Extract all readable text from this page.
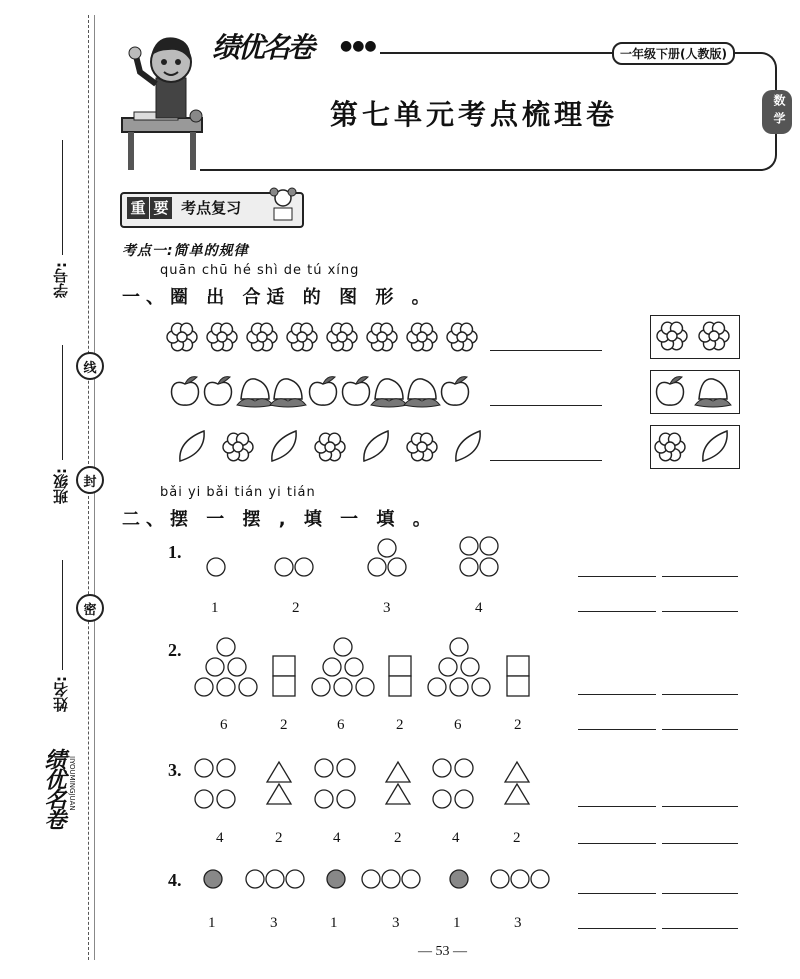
学号:
班级:
姓名:
线
封
密
绩优名卷 JIYOUMINGJUAN
绩优名卷 ●●●	一年级下册(人教版)
第七单元考点梳理卷	数学
重 要 考点复习
考点一:简单的规律
quān chū hé shì de tú xíng
一、圈 出 合适 的 图 形 。
bǎi yi bǎi tián yi tián
二、摆 一 摆 , 填 一 填 。
1.
2.
3.
4.
1	2	3	4
6	2	6	2	6	2
4	2	4	2	4	2
1	3	1	3	1	3
— 53 —
